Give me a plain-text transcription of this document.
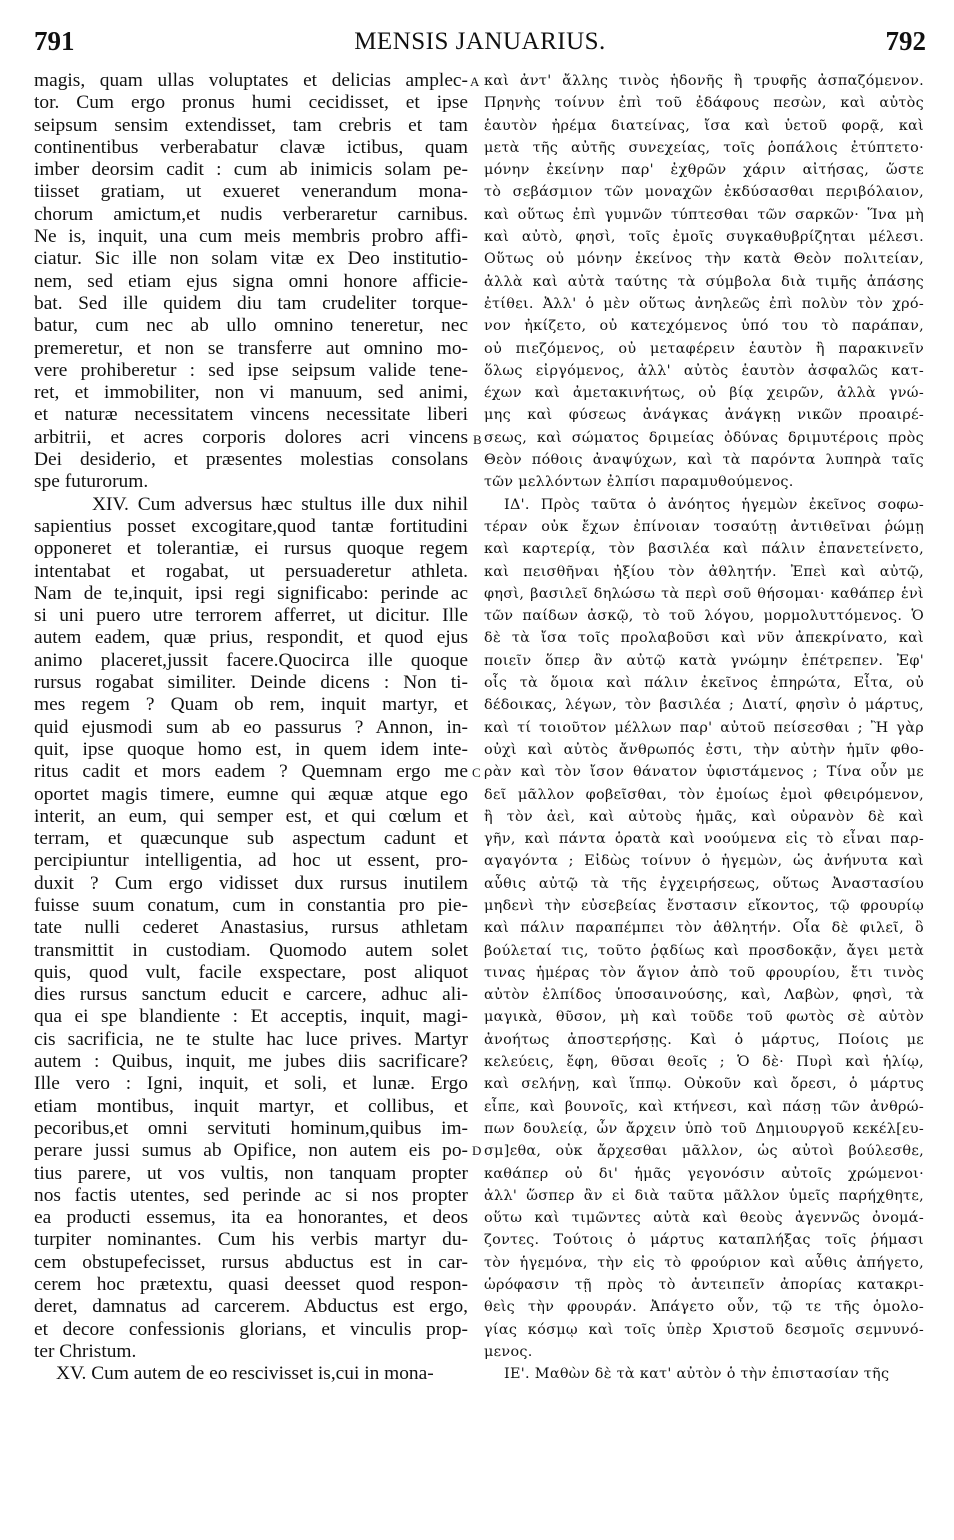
791	MENSIS JANUARIUS.	792
magis, quam ullas voluptates et delicias amplec-
tor. Cum ergo pronus humi cecidisset, et ipse
seipsum sensim extendisset, tam crebris et tam
continentibus verberabatur clavæ ictibus, quam
imber deorsim cadit : cum ab inimicis solam pe-
tiisset gratiam, ut exueret venerandum mona-
chorum amictum,et nudis verberaretur carnibus.
Ne is, inquit, una cum meis membris probro affi-
ciatur. Sic ille non solam vitæ ex Deo institutio-
nem, sed etiam ejus signa omni honore afficie-
bat. Sed ille quidem diu tam crudeliter torque-
batur, cum nec ab ullo omnino teneretur, nec
premeretur, et non se transferre aut omnino mo-
vere prohiberetur : sed ipse seipsum valide tene-
ret, et immobiliter, non vi manuum, sed animi,
et naturæ necessitatem vincens necessitate liberi
arbitrii, et acres corporis dolores acri vincens
Dei desiderio, et præsentes molestias consolans
spe futurorum.
XIV. Cum adversus hæc stultus ille dux nihil
sapientius posset excogitare,quod tantæ fortitudini
opponeret et tolerantiæ, ei rursus quoque regem
intentabat et rogabat, ut persuaderetur athleta.
Nam de te,inquit, ipsi regi significabo: perinde ac
si uni puero utre terrorem afferret, ut dicitur. Ille
autem eadem, quæ prius, respondit, et quod ejus
animo placeret,jussit facere.Quocirca ille quoque
rursus rogabat similiter. Deinde dicens : Non ti-
mes regem ? Quam ob rem, inquit martyr, et
quid ejusmodi sum ab eo passurus ? Annon, in-
quit, ipse quoque homo est, in quem idem inte-
ritus cadit et mors eadem ? Quemnam ergo me
oportet magis timere, eumne qui æquæ atque ego
interit, an eum, qui semper est, et qui cœlum et
terram, et quæcunque sub aspectum cadunt et
percipiuntur intelligentia, ad hoc ut essent, pro-
duxit ? Cum ergo vidisset dux rursus inutilem
fuisse suum conatum, cum in constantia pro pie-
tate nulli cederet Anastasius, rursus athletam
transmittit in custodiam. Quomodo autem solet
quis, quod vult, facile exspectare, post aliquot
dies rursus sanctum educit e carcere, adhuc ali-
qua ei spe blandiente : Et acceptis, inquit, magi-
cis sacrificia, ne te stulte hac luce prives. Martyr
autem : Quibus, inquit, me jubes diis sacrificare?
Ille vero : Igni, inquit, et soli, et lunæ. Ergo
etiam montibus, inquit martyr, et collibus, et
pecoribus,et omni servituti hominum,quibus im-
perare jussi sumus ab Opifice, non autem eis po-
tius parere, ut vos vultis, non tanquam propter
nos factis utentes, sed perinde ac si nos propter
ea producti essemus, ita ea honorantes, et deos
turpiter nominantes. Cum his verbis martyr du-
cem obstupefecisset, rursus abductus est in car-
cerem hoc prætextu, quasi deesset quod respon-
deret, damnatus ad carcerem. Abductus est ergo,
et decore confessionis glorians, et vinculis prop-
ter Christum.
XV. Cum autem de eo rescivisset is,cui in mona-
καὶ ἀντ' ἄλλης τινὸς ἡδονῆς ἢ τρυφῆς ἀσπαζόμενον.
Πρηνὴς τοίνυν ἐπὶ τοῦ ἐδάφους πεσὼν, καὶ αὐτὸς
ἑαυτὸν ἠρέμα διατείνας, ἴσα καὶ ὑετοῦ φορᾷ, καὶ
μετὰ τῆς αὐτῆς συνεχείας, τοῖς ῥοπάλοις ἐτύπτετο·
μόνην ἐκείνην παρ' ἐχθρῶν χάριν αἰτήσας, ὥστε
τὸ σεβάσμιον τῶν μοναχῶν ἐκδύσασθαι περιβόλαιον,
καὶ οὕτως ἐπὶ γυμνῶν τύπτεσθαι τῶν σαρκῶν· Ἵνα μὴ
καὶ αὐτὸ, φησὶ, τοῖς ἐμοῖς συγκαθυβρίζηται μέλεσι.
Οὕτως οὐ μόνην ἐκείνος τὴν κατὰ Θεὸν πολιτείαν,
ἀλλὰ καὶ αὐτὰ ταύτης τὰ σύμβολα διὰ τιμῆς ἁπάσης
ἐτίθει. Ἀλλ' ὁ μὲν οὕτως ἀνηλεῶς ἐπὶ πολὺν τὸν χρό-
νον ἠκίζετο, οὐ κατεχόμενος ὑπό του τὸ παράπαν,
οὐ πιεζόμενος, οὐ μεταφέρειν ἑαυτὸν ἢ παρακινεῖν
ὅλως εἰργόμενος, ἀλλ' αὐτὸς ἑαυτὸν ἀσφαλῶς κατ-
έχων καὶ ἀμετακινήτως, οὐ βίᾳ χειρῶν, ἀλλὰ γνώ-
μης καὶ φύσεως ἀνάγκας ἀνάγκῃ νικῶν προαιρέ-
σεως, καὶ σώματος δριμείας ὀδύνας δριμυτέροις πρὸς
Θεὸν πόθοις ἀναψύχων, καὶ τὰ παρόντα λυπηρὰ ταῖς
τῶν μελλόντων ἐλπίσι παραμυθούμενος.
ΙΔ'. Πρὸς ταῦτα ὁ ἀνόητος ἡγεμὼν ἐκεῖνος σοφω-
τέραν οὐκ ἔχων ἐπίνοιαν τοσαύτῃ ἀντιθεῖναι ῥώμῃ
καὶ καρτερίᾳ, τὸν βασιλέα καὶ πάλιν ἐπανετείνετο,
καὶ πεισθῆναι ἠξίου τὸν ἀθλητήν. Ἐπεὶ καὶ αὐτῷ,
φησὶ, βασιλεῖ δηλώσω τὰ περὶ σοῦ θήσομαι· καθάπερ ἑνὶ
τῶν παίδων ἀσκῷ, τὸ τοῦ λόγου, μορμολυττόμενος. Ὁ
δὲ τὰ ἴσα τοῖς προλαβοῦσι καὶ νῦν ἀπεκρίνατο, καὶ
ποιεῖν ὅπερ ἂν αὐτῷ κατὰ γνώμην ἐπέτρεπεν. Ἐφ'
οἷς τὰ ὅμοια καὶ πάλιν ἐκεῖνος ἐπηρώτα, Εἶτα, οὐ
δέδοικας, λέγων, τὸν βασιλέα ; Διατί, φησὶν ὁ μάρτυς,
καὶ τί τοιοῦτον μέλλων παρ' αὐτοῦ πείσεσθαι ; Ἢ γὰρ
οὐχὶ καὶ αὐτὸς ἄνθρωπός ἐστι, τὴν αὐτὴν ἡμῖν φθο-
ρὰν καὶ τὸν ἴσον θάνατον ὑφιστάμενος ; Τίνα οὖν με
δεῖ μᾶλλον φοβεῖσθαι, τὸν ἐμοίως ἐμοὶ φθειρόμενον,
ἢ τὸν ἀεὶ, καὶ αὐτοὺς ἡμᾶς, καὶ οὐρανὸν δὲ καὶ
γῆν, καὶ πάντα ὁρατὰ καὶ νοούμενα εἰς τὸ εἶναι παρ-
αγαγόντα ; Εἰδὼς τοίνυν ὁ ἡγεμὼν, ὡς ἀνήνυτα καὶ
αὖθις αὐτῷ τὰ τῆς ἐγχειρήσεως, οὕτως Ἀναστασίου
μηδενὶ τὴν εὐσεβείας ἔνστασιν εἴκοντος, τῷ φρουρίῳ
καὶ πάλιν παραπέμπει τὸν ἀθλητήν. Οἷα δὲ φιλεῖ, ὃ
βούλεταί τις, τοῦτο ῥᾳδίως καὶ προσδοκᾷν, ἄγει μετὰ
τινας ἡμέρας τὸν ἅγιον ἀπὸ τοῦ φρουρίου, ἔτι τινὸς
αὐτὸν ἐλπίδος ὑποσαινούσης, καὶ, Λαβὼν, φησὶ, τὰ
μαγικὰ, θῦσον, μὴ καὶ τοῦδε τοῦ φωτὸς σὲ αὐτὸν
ἀνοήτως ἀποστερήσῃς. Καὶ ὁ μάρτυς, Ποίοις με
κελεύεις, ἔφη, θῦσαι θεοῖς ; Ὁ δὲ· Πυρὶ καὶ ἡλίῳ,
καὶ σελήνῃ, καὶ ἵππῳ. Οὐκοῦν καὶ ὄρεσι, ὁ μάρτυς
εἶπε, καὶ βουνοῖς, καὶ κτήνεσι, καὶ πάσῃ τῶν ἀνθρώ-
πων δουλείᾳ, ὧν ἄρχειν ὑπὸ τοῦ Δημιουργοῦ κεκέλ[ευ-
σμ]εθα, οὐκ ἄρχεσθαι μᾶλλον, ὡς αὐτοὶ βούλεσθε,
καθάπερ οὐ δι' ἡμᾶς γεγονόσιν αὐτοῖς χρώμενοι·
ἀλλ' ὥσπερ ἂν εἰ διὰ ταῦτα μᾶλλον ὑμεῖς παρήχθητε,
οὕτω καὶ τιμῶντες αὐτὰ καὶ θεοὺς ἀγεννῶς ὀνομά-
ζοντες. Τούτοις ὁ μάρτυς καταπλήξας τοῖς ῥήμασι
τὸν ἡγεμόνα, τὴν εἰς τὸ φρούριον καὶ αὖθις ἀπήγετο,
ὡρόφασιν τῇ πρὸς τὸ ἀντειπεῖν ἀπορίας κατακρι-
θεὶς τὴν φρουράν. Ἀπάγετο οὖν, τῷ τε τῆς ὁμολο-
γίας κόσμῳ καὶ τοῖς ὑπὲρ Χριστοῦ δεσμοῖς σεμνυνό-
μενος.
ΙΕ'. Μαθὼν δὲ τὰ κατ' αὐτὸν ὁ τὴν ἐπιστασίαν τῆς
A
B
C
D
